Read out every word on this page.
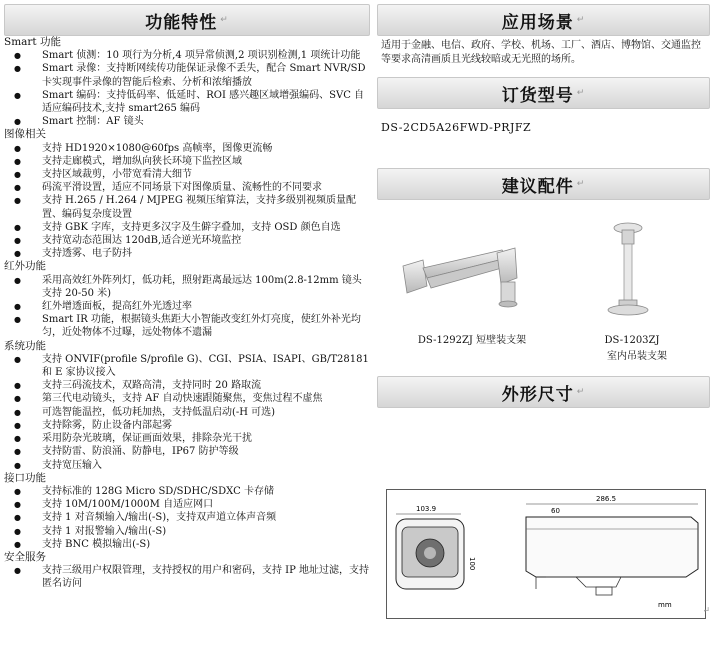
功能特性 ↵
Smart 功能
● Smart 侦测：10 项行为分析,4 项异常侦测,2 项识别检测,1 项统计功能
● Smart 录像：支持断网续传功能保证录像不丢失，配合 Smart NVR/SD 卡实现事件录像的智能后检索、分析和浓缩播放
● Smart 编码：支持低码率、低延时、ROI 感兴趣区域增强编码、SVC 自适应编码技术,支持 smart265 编码
● Smart 控制：AF 镜头
图像相关
● 支持 HD1920×1080@60fps 高帧率，图像更流畅
● 支持走廊模式，增加纵向狭长环境下监控区域
● 支持区域裁剪，小带宽看清大细节
● 码流平滑设置，适应不同场景下对图像质量、流畅性的不同要求
● 支持 H.265 / H.264 / MJPEG 视频压缩算法，支持多级别视频质量配置、编码复杂度设置
● 支持 GBK 字库，支持更多汉字及生僻字叠加，支持 OSD 颜色自选
● 支持宽动态范围达 120dB,适合逆光环境监控
● 支持透雾、电子防抖
红外功能
● 采用高效红外阵列灯，低功耗，照射距离最远达 100m(2.8-12mm 镜头支持 20-50 米)
● 红外增透面板，提高红外光透过率
● Smart IR 功能，根据镜头焦距大小智能改变红外灯亮度，使红外补光均匀，近处物体不过曝，远处物体不遗漏
系统功能
● 支持 ONVIF(profile S/profile G)、CGI、PSIA、ISAPI、GB/T28181 和 E 家协议接入
● 支持三码流技术，双路高清，支持同时 20 路取流
● 第三代电动镜头，支持 AF 自动快速跟随聚焦，变焦过程不虚焦
● 可选智能温控，低功耗加热，支持低温启动(-H 可选)
● 支持除雾，防止设备内部起雾
● 采用防杂光玻璃，保证画面效果，排除杂光干扰
● 支持防雷、防浪涌、防静电，IP67 防护等级
● 支持宽压输入
接口功能
● 支持标准的 128G Micro SD/SDHC/SDXC 卡存储
● 支持 10M/100M/1000M 自适应网口
● 支持 1 对音频输入/输出(-S)，支持双声道立体声音频
● 支持 1 对报警输入/输出(-S)
● 支持 BNC 模拟输出(-S)
安全服务
● 支持三级用户权限管理，支持授权的用户和密码，支持 IP 地址过滤，支持匿名访问
应用场景 ↵
适用于金融、电信、政府、学校、机场、工厂、酒店、博物馆、交通监控等要求高清画质且光线较暗或无光照的场所。
订货型号 ↵
DS-2CD5A26FWD-PRJFZ
建议配件 ↵
DS-1292ZJ 短壁装支架	DS-1203ZJ
室内吊装支架
外形尺寸 ↵
103.9
100
286.5
60
mm
↵
